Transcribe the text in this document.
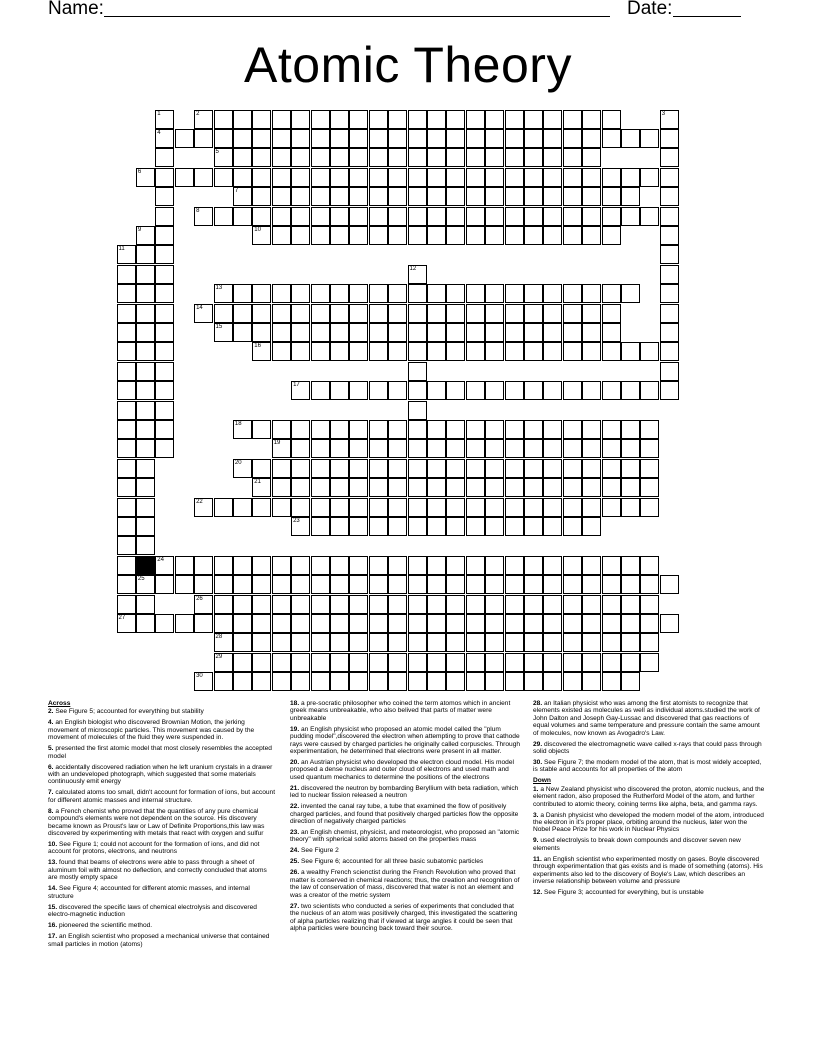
Name:	Date:
Atomic Theory
1
4
2	3
5
6
7
8
9
25
10
11
27
12
13
14
15
16
17
18
19
20
21
22
23
24
26
28
29
30
Across
2. See Figure 5; accounted for everything but stability
4. an English biologist who discovered Brownian Motion, the jerking movement of microscopic particles. This movement was caused by the movement of molecules of the fluid they were suspended in.
5. presented the first atomic model that most closely resembles the accepted model
6. accidentally discovered radiation when he left uranium crystals in a drawer with an undeveloped photograph, which suggested that some materials continuously emit energy
7. calculated atoms too small, didn't account for formation of ions, but account for different atomic masses and internal structure.
8. a French chemist who proved that the quantities of any pure chemical compound's elements were not dependent on the source. His discovery became known as Proust's law or Law of Definite Proportions,this law was discovered by experimenting with metals that react with oxygen and sulfur
10. See Figure 1; could not account for the formation of ions, and did not account for protons, electrons, and neutrons
13. found that beams of electrons were able to pass through a sheet of aluminum foil with almost no deflection, and correctly concluded that atoms are mostly empty space
14. See Figure 4; accounted for different atomic masses, and internal structure
15. discovered the specific laws of chemical electrolysis and discovered electro-magnetic induction
16. pioneered the scientific method.
17. an English scientist who proposed a mechanical universe that contained small particles in motion (atoms)
18. a pre-socratic philosopher who coined the term atomos which in ancient greek means unbreakable, who also belived that parts of matter were unbreakable
19. an English physicist who proposed an atomic model called the "plum pudding model",discovered the electron when attempting to prove that cathode rays were caused by charged particles he originally called corpuscles. Through experimentation, he determined that electrons were present in all matter.
20. an Austrian physicist who developed the electron cloud model. His model proposed a dense nucleus and outer cloud of electrons and used math and used quantum mechanics to determine the positions of the electrons
21. discovered the neutron by bombarding Beryllium with beta radiation, which led to nuclear fission released a neutron
22. invented the canal ray tube, a tube that examined the flow of positively charged particles, and found that positively charged particles flow the opposite direction of negatively charged particles
23. an English chemist, physicist, and meteorologist, who proposed an "atomic theory" with spherical solid atoms based on the properties mass
24. See Figure 2
25. See Figure 6; accounted for all three basic subatomic particles
26. a wealthy French scienctist during the French Revolution who proved that matter is conserved in chemical reactions; thus, the creation and recognition of the law of conservation of mass, discovered that water is not an element and was a creator of the metric system
27. two scientists who conducted a series of experiments that concluded that the nucleus of an atom was positively charged, this investigated the scattering of alpha particles realizing that if viewed at large angles it could be seen that alpha particles were bouncing back toward their source.
28. an Italian physicist who was among the first atomists to recognize that elements existed as molecules as well as individual atoms.studied the work of John Dalton and Joseph Gay-Lussac and discovered that gas reactions of equal volumes and same temperature and pressure contain the same amount of molecules, now known as Avogadro's Law.
29. discovered the electromagnetic wave called x-rays that could pass through solid objects
30. See Figure 7; the modern model of the atom, that is most widely accepted, is stable and accounts for all properties of the atom
Down
1. a New Zealand physicist who discovered the proton, atomic nucleus, and the element radon, also proposed the Rutherford Model of the atom, and further contributed to atomic theory, coining terms like alpha, beta, and gamma rays.
3. a Danish physicist who developed the modern model of the atom, introduced the electron in it's proper place, orbiting around the nucleus, later won the Nobel Peace Prize for his work in Nuclear Physics
9. used electrolysis to break down compounds and discover seven new elements
11. an English scientist who experimented mostly on gases. Boyle discovered through experimentation that gas exists and is made of something (atoms). His experiments also led to the discovery of Boyle's Law, which describes an inverse relationship between volume and pressure
12. See Figure 3; accounted for everything, but is unstable
